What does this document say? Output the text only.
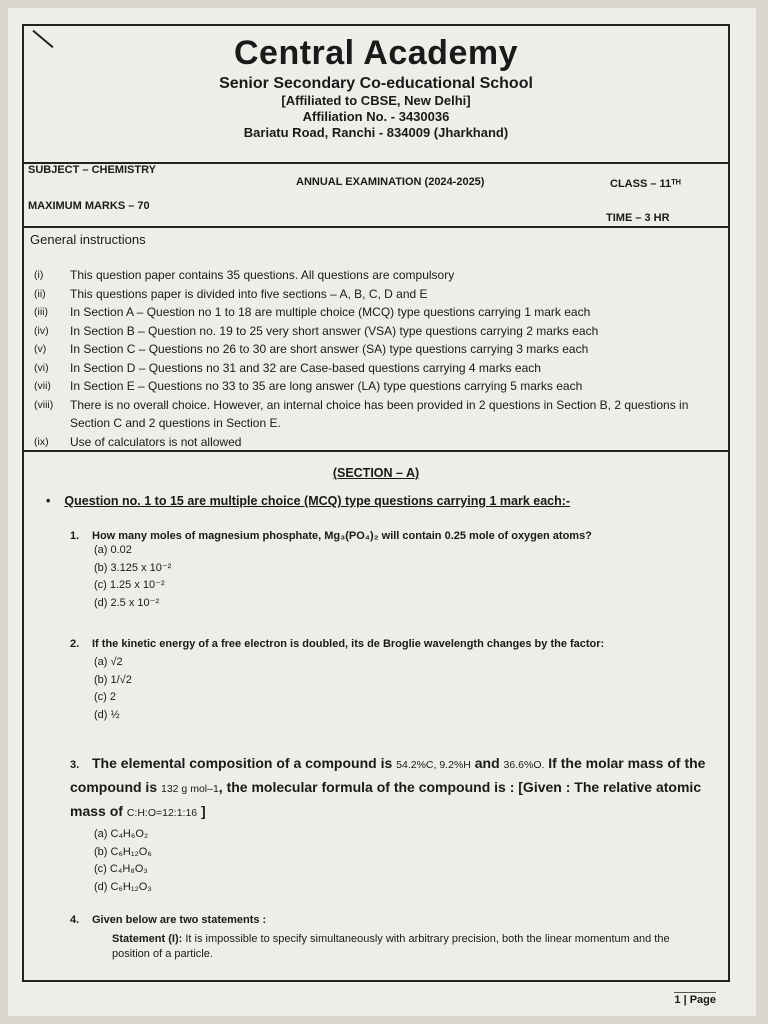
Central Academy
Senior Secondary Co-educational School
[Affiliated to CBSE, New Delhi]
Affiliation No. - 3430036
Bariatu Road, Ranchi - 834009 (Jharkhand)
SUBJECT – CHEMISTRY
ANNUAL EXAMINATION (2024-2025)	CLASS – 11ᵀᴴ
MAXIMUM MARKS – 70
TIME – 3 HR
General instructions
(i)	This question paper contains 35 questions. All questions are compulsory
(ii)	This questions paper is divided into five sections – A, B, C, D and E
(iii)	In Section A – Question no 1 to 18 are multiple choice (MCQ) type questions carrying 1 mark each
(iv)	In Section B – Question no. 19 to 25 very short answer (VSA) type questions carrying 2 marks each
(v)	In Section C – Questions no 26 to 30 are short answer (SA) type questions carrying 3 marks each
(vi)	In Section D – Questions no 31 and 32 are Case-based questions carrying 4 marks each
(vii)	In Section E – Questions no 33 to 35 are long answer (LA) type questions carrying 5 marks each
(viii)	There is no overall choice. However, an internal choice has been provided in 2 questions in Section B, 2 questions in Section C and 2 questions in Section E.
(ix)	Use of calculators is not allowed
(SECTION – A)
• Question no. 1 to 15 are multiple choice (MCQ) type questions carrying 1 mark each:-
1. How many moles of magnesium phosphate, Mg₃(PO₄)₂ will contain 0.25 mole of oxygen atoms?
(a) 0.02
(b) 3.125 x 10⁻²
(c) 1.25 x 10⁻²
(d) 2.5 x 10⁻²
2. If the kinetic energy of a free electron is doubled, its de Broglie wavelength changes by the factor:
(a) √2
(b) 1/√2
(c) 2
(d) ½
3. The elemental composition of a compound is 54.2%C, 9.2%H and 36.6%O. If the molar mass of the compound is 132 g mol–1, the molecular formula of the compound is : [Given : The relative atomic mass of C:H:O=12:1:16 ]
(a) C₄H₆O₂
(b) C₆H₁₂O₆
(c) C₄H₈O₃
(d) C₆H₁₂O₃
4. Given below are two statements :
Statement (I): It is impossible to specify simultaneously with arbitrary precision, both the linear momentum and the position of a particle.
1 | Page
